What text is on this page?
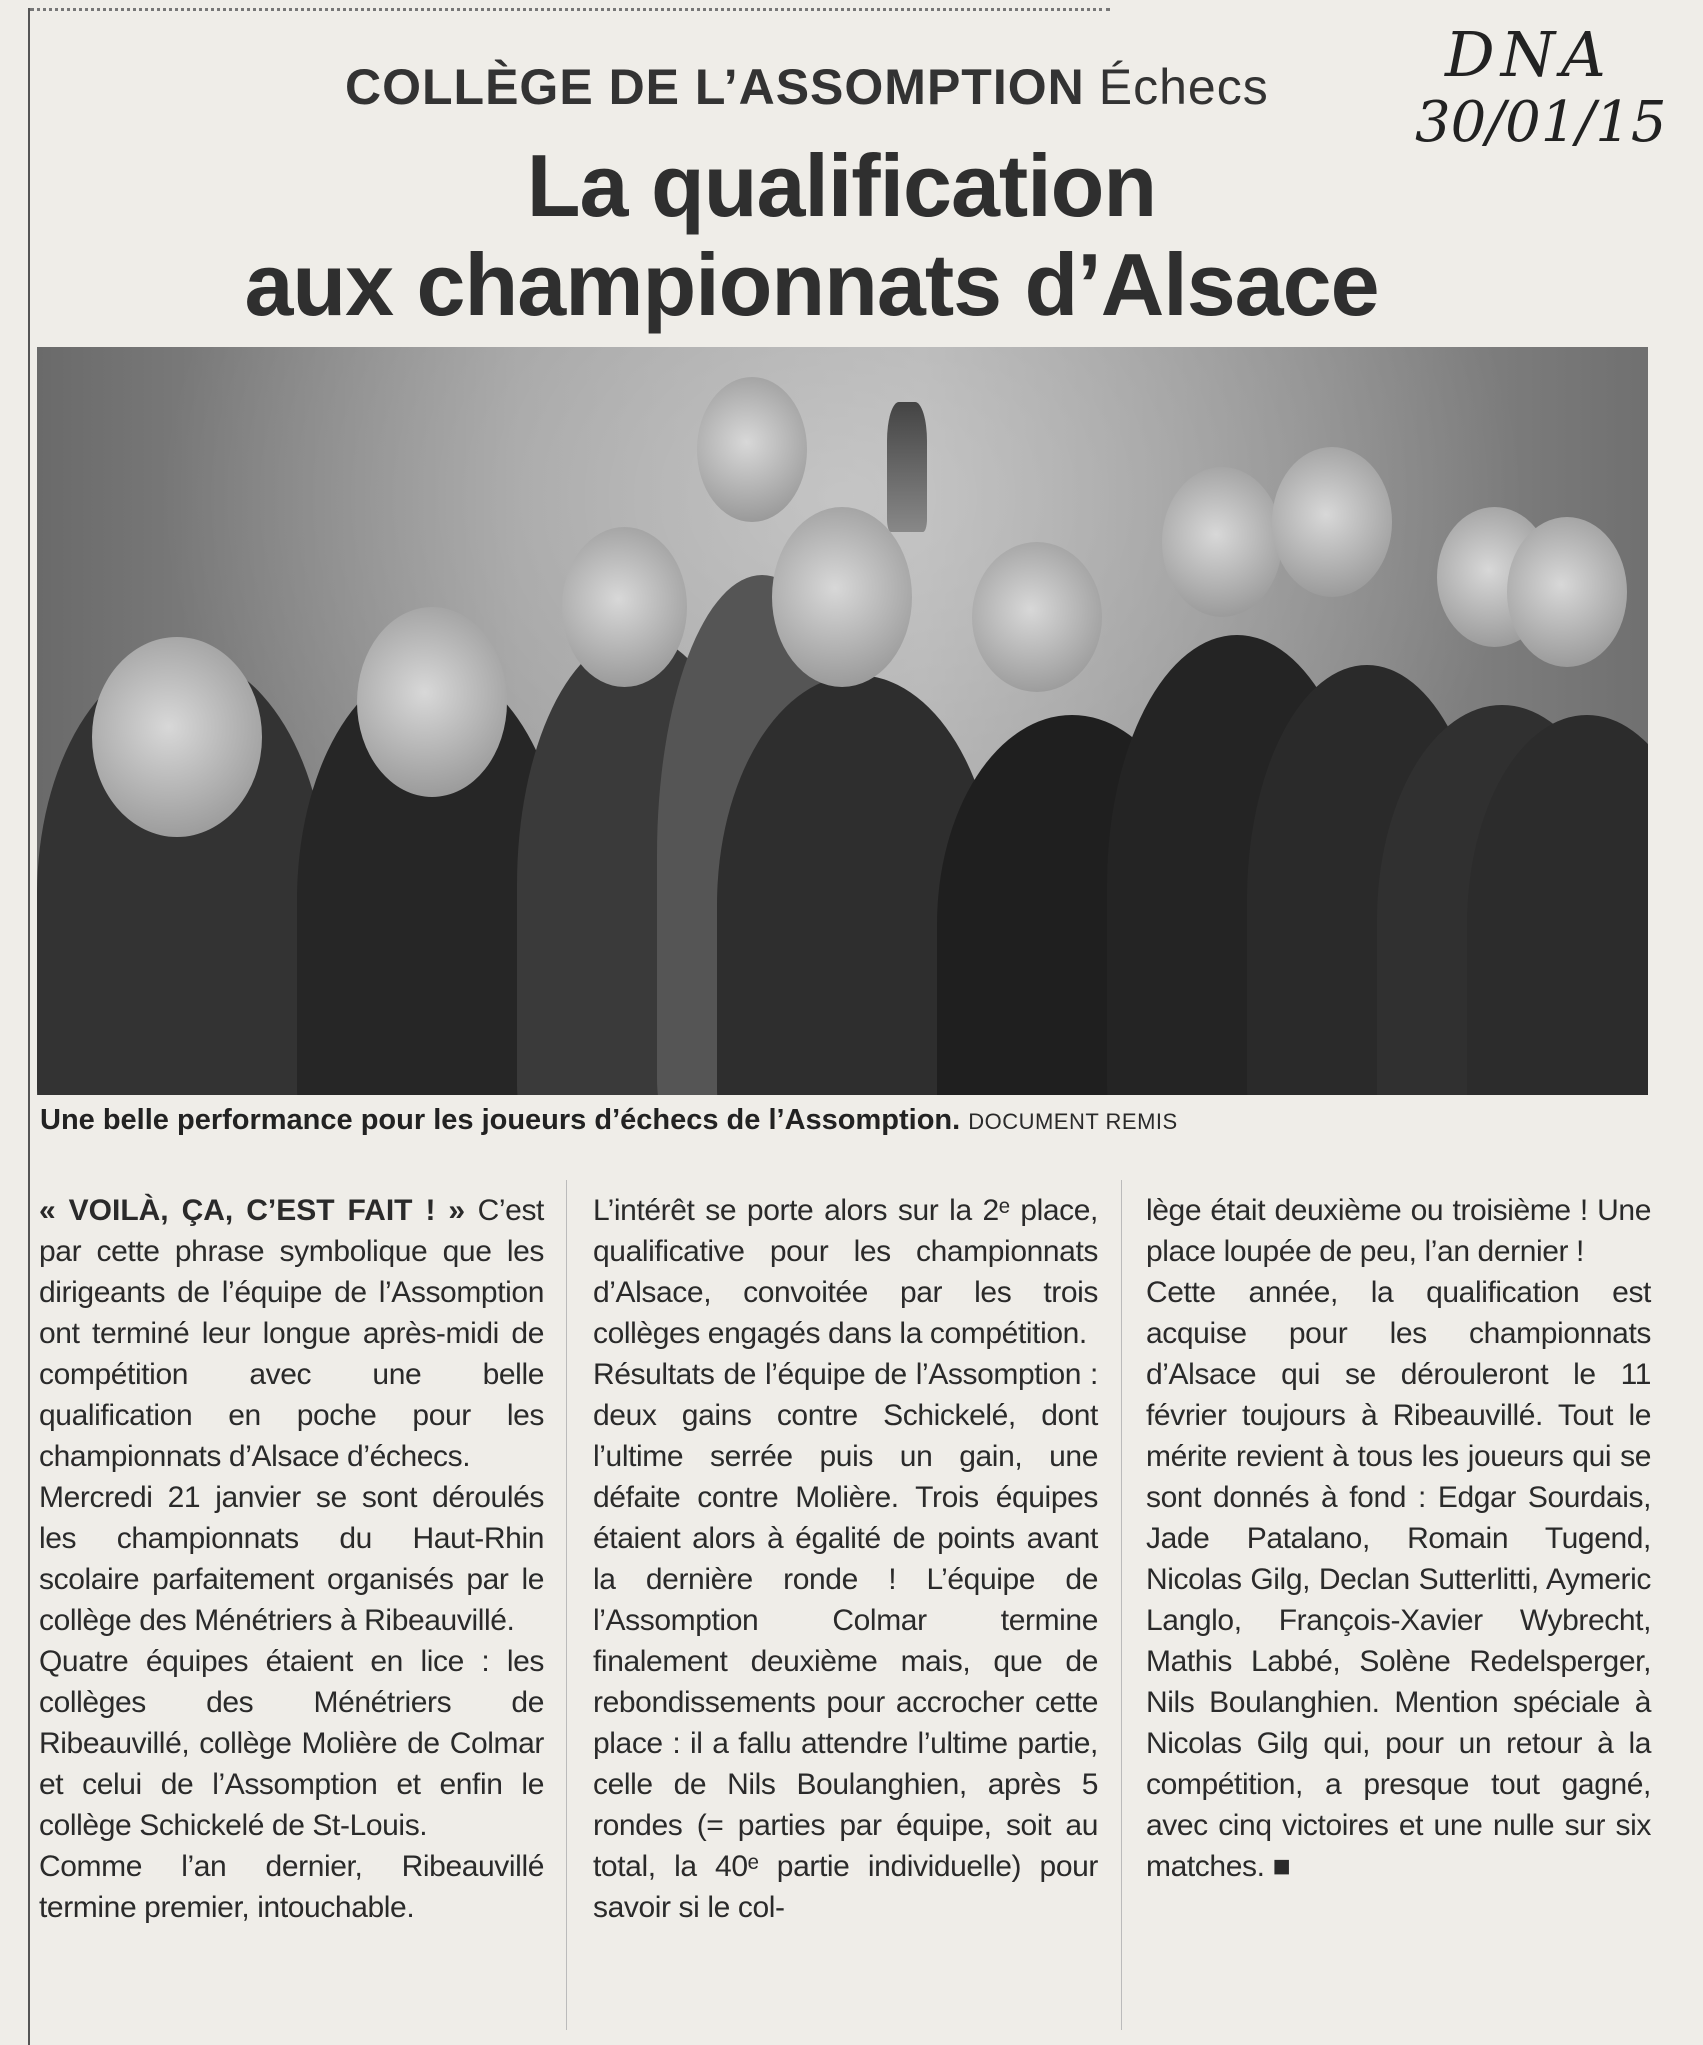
COLLÈGE DE L’ASSOMPTION Échecs
La qualification
aux championnats d’Alsace
DNA
30/01/15
Une belle performance pour les joueurs d’échecs de l’Assomption. DOCUMENT REMIS

« VOILÀ, ÇA, C’EST FAIT ! » C’est par cette phrase symbolique que les dirigeants de l’équipe de l’Assomption ont terminé leur longue après-midi de compétition avec une belle qualification en poche pour les championnats d’Alsace d’échecs.

Mercredi 21 janvier se sont déroulés les championnats du Haut-Rhin scolaire parfaitement organisés par le collège des Ménétriers à Ribeauvillé.

Quatre équipes étaient en lice : les collèges des Ménétriers de Ribeauvillé, collège Molière de Colmar et celui de l’Assomption et enfin le collège Schickelé de St-Louis.

Comme l’an dernier, Ribeauvillé termine premier, intouchable.

L’intérêt se porte alors sur la 2ᵉ place, qualificative pour les championnats d’Alsace, convoitée par les trois collèges engagés dans la compétition.

Résultats de l’équipe de l’Assomption : deux gains contre Schickelé, dont l’ultime serrée puis un gain, une défaite contre Molière. Trois équipes étaient alors à égalité de points avant la dernière ronde ! L’équipe de l’Assomption Colmar termine finalement deuxième mais, que de rebondissements pour accrocher cette place : il a fallu attendre l’ultime partie, celle de Nils Boulanghien, après 5 rondes (= parties par équipe, soit au total, la 40ᵉ partie individuelle) pour savoir si le col-

lège était deuxième ou troisième ! Une place loupée de peu, l’an dernier !

Cette année, la qualification est acquise pour les championnats d’Alsace qui se dérouleront le 11 février toujours à Ribeauvillé. Tout le mérite revient à tous les joueurs qui se sont donnés à fond : Edgar Sourdais, Jade Patalano, Romain Tugend, Nicolas Gilg, Declan Sutterlitti, Aymeric Langlo, François-Xavier Wybrecht, Mathis Labbé, Solène Redelsperger, Nils Boulanghien. Mention spéciale à Nicolas Gilg qui, pour un retour à la compétition, a presque tout gagné, avec cinq victoires et une nulle sur six matches. ■
